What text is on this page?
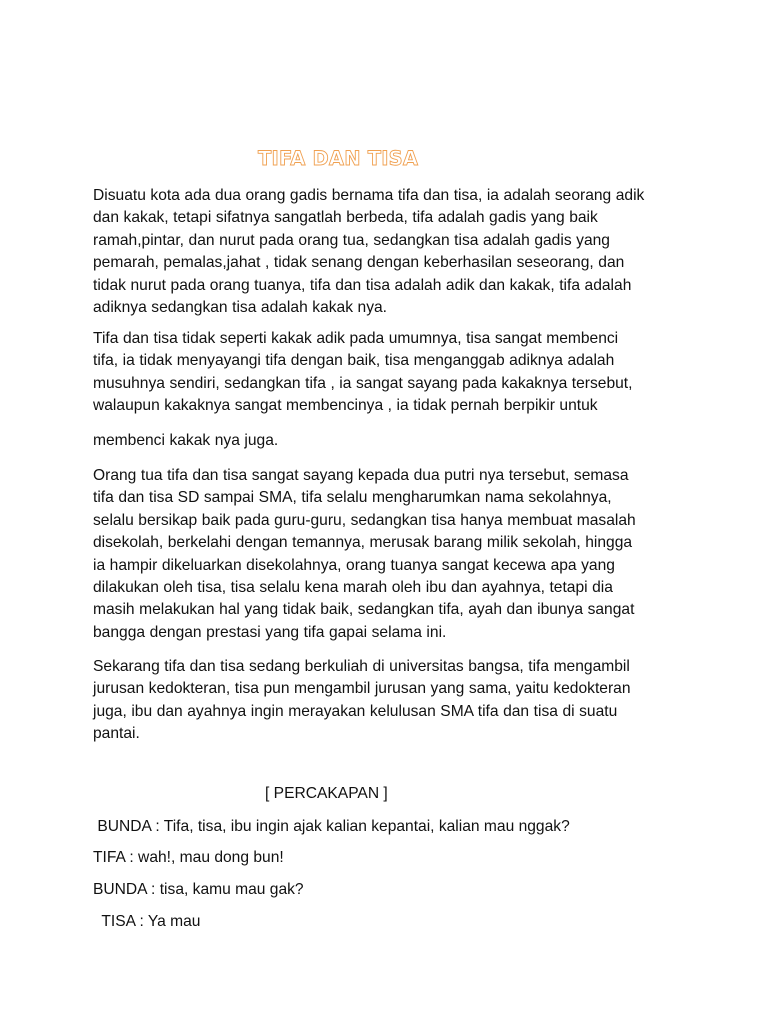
TIFA DAN TISA

Disuatu kota ada dua orang gadis bernama tifa dan tisa, ia adalah seorang adik
dan kakak, tetapi sifatnya sangatlah berbeda, tifa adalah gadis yang baik
ramah,pintar, dan nurut pada orang tua, sedangkan tisa adalah gadis yang
pemarah, pemalas,jahat , tidak senang dengan keberhasilan seseorang, dan
tidak nurut pada orang tuanya, tifa dan tisa adalah adik dan kakak, tifa adalah
adiknya sedangkan tisa adalah kakak nya.

Tifa dan tisa tidak seperti kakak adik pada umumnya, tisa sangat membenci
tifa, ia tidak menyayangi tifa dengan baik, tisa menganggab adiknya adalah
musuhnya sendiri, sedangkan tifa , ia sangat sayang pada kakaknya tersebut,
walaupun kakaknya sangat membencinya , ia tidak pernah berpikir untuk

membenci kakak nya juga.

Orang tua tifa dan tisa sangat sayang kepada dua putri nya tersebut, semasa
tifa dan tisa SD sampai SMA, tifa selalu mengharumkan nama sekolahnya,
selalu bersikap baik pada guru-guru, sedangkan tisa hanya membuat masalah
disekolah, berkelahi dengan temannya, merusak barang milik sekolah, hingga
ia hampir dikeluarkan disekolahnya, orang tuanya sangat kecewa apa yang
dilakukan oleh tisa, tisa selalu kena marah oleh ibu dan ayahnya, tetapi dia
masih melakukan hal yang tidak baik, sedangkan tifa, ayah dan ibunya sangat
bangga dengan prestasi yang tifa gapai selama ini.

Sekarang tifa dan tisa sedang berkuliah di universitas bangsa, tifa mengambil
jurusan kedokteran, tisa pun mengambil jurusan yang sama, yaitu kedokteran
juga, ibu dan ayahnya ingin merayakan kelulusan SMA tifa dan tisa di suatu
pantai.

[ PERCAKAPAN ]

BUNDA : Tifa, tisa, ibu ingin ajak kalian kepantai, kalian mau nggak?

TIFA : wah!, mau dong bun!

BUNDA : tisa, kamu mau gak?

TISA : Ya mau
